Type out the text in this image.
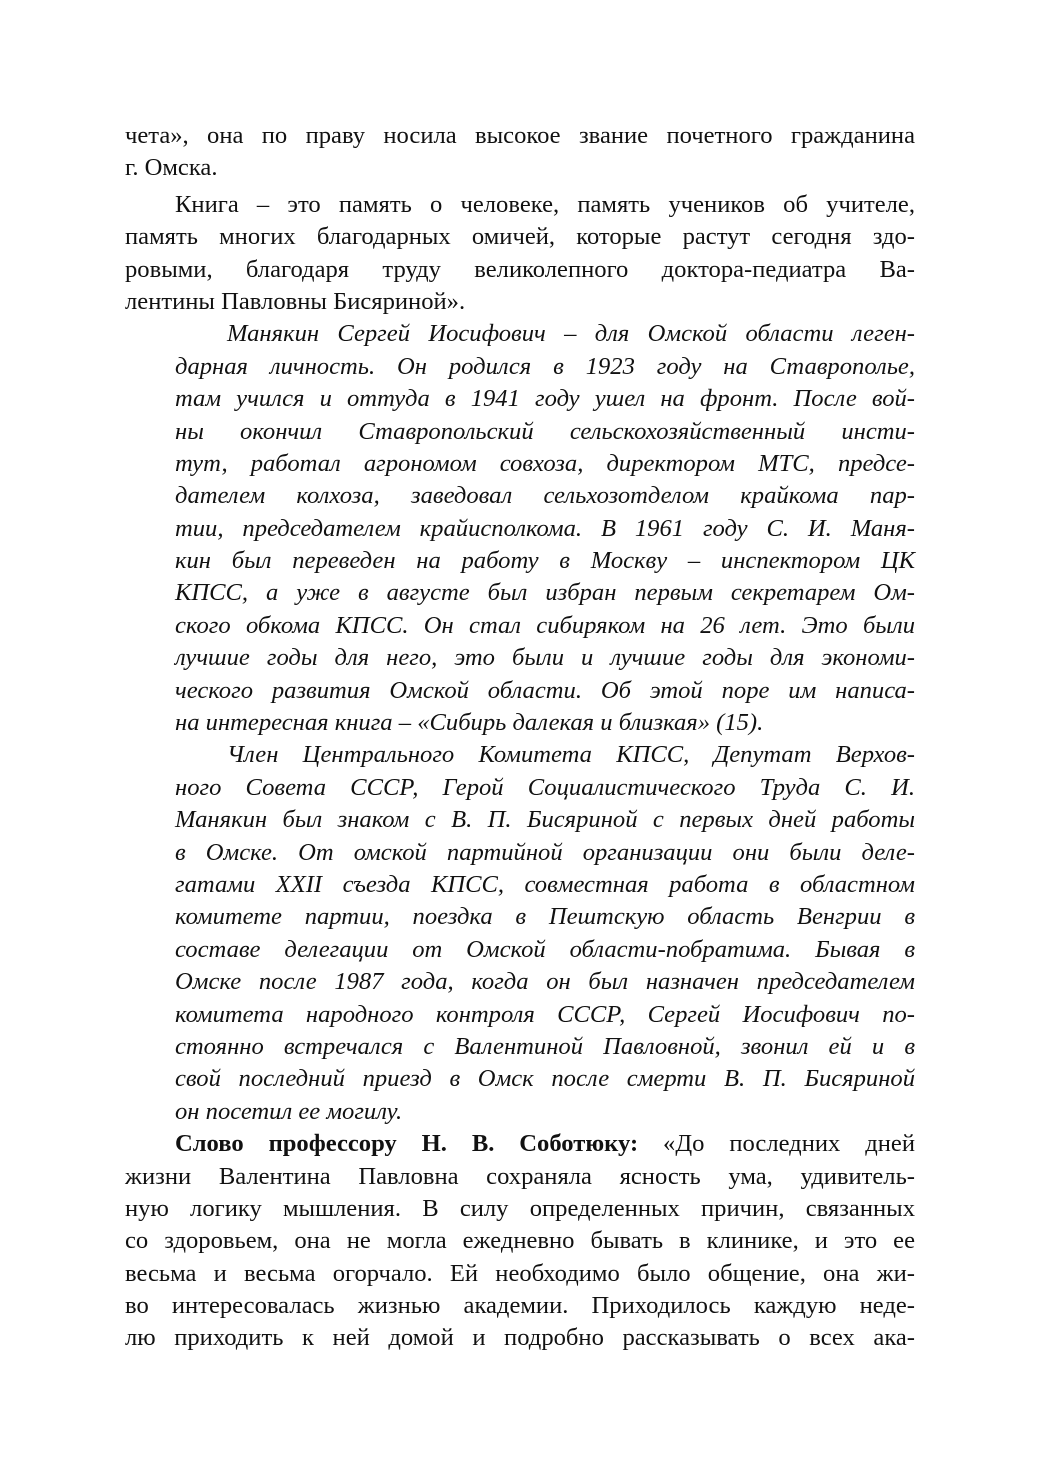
чета», она по праву носила высокое звание почетного гражданина
г. Омска.
Книга – это память о человеке, память учеников об учителе,
память многих благодарных омичей, которые растут сегодня здо-
ровыми, благодаря труду великолепного доктора-педиатра Ва-
лентины Павловны Бисяриной».
Манякин Сергей Иосифович – для Омской области леген-
дарная личность. Он родился в 1923 году на Ставрополье,
там учился и оттуда в 1941 году ушел на фронт. После вой-
ны окончил Ставропольский сельскохозяйственный инсти-
тут, работал агрономом совхоза, директором МТС, предсе-
дателем колхоза, заведовал сельхозотделом крайкома пар-
тии, председателем крайисполкома. В 1961 году С. И. Маня-
кин был переведен на работу в Москву – инспектором ЦК
КПСС, а уже в августе был избран первым секретарем Ом-
ского обкома КПСС. Он стал сибиряком на 26 лет. Это были
лучшие годы для него, это были и лучшие годы для экономи-
ческого развития Омской области. Об этой поре им написа-
на интересная книга – «Сибирь далекая и близкая» (15).
Член Центрального Комитета КПСС, Депутат Верхов-
ного Совета СССР, Герой Социалистического Труда С. И.
Манякин был знаком с В. П. Бисяриной с первых дней работы
в Омске. От омской партийной организации они были деле-
гатами XXII съезда КПСС, совместная работа в областном
комитете партии, поездка в Пештскую область Венгрии в
составе делегации от Омской области-побратима. Бывая в
Омске после 1987 года, когда он был назначен председателем
комитета народного контроля СССР, Сергей Иосифович по-
стоянно встречался с Валентиной Павловной, звонил ей и в
свой последний приезд в Омск после смерти В. П. Бисяриной
он посетил ее могилу.
Слово профессору Н. В. Соботюку: «До последних дней
жизни Валентина Павловна сохраняла ясность ума, удивитель-
ную логику мышления. В силу определенных причин, связанных
со здоровьем, она не могла ежедневно бывать в клинике, и это ее
весьма и весьма огорчало. Ей необходимо было общение, она жи-
во интересовалась жизнью академии. Приходилось каждую неде-
лю приходить к ней домой и подробно рассказывать о всех ака-
